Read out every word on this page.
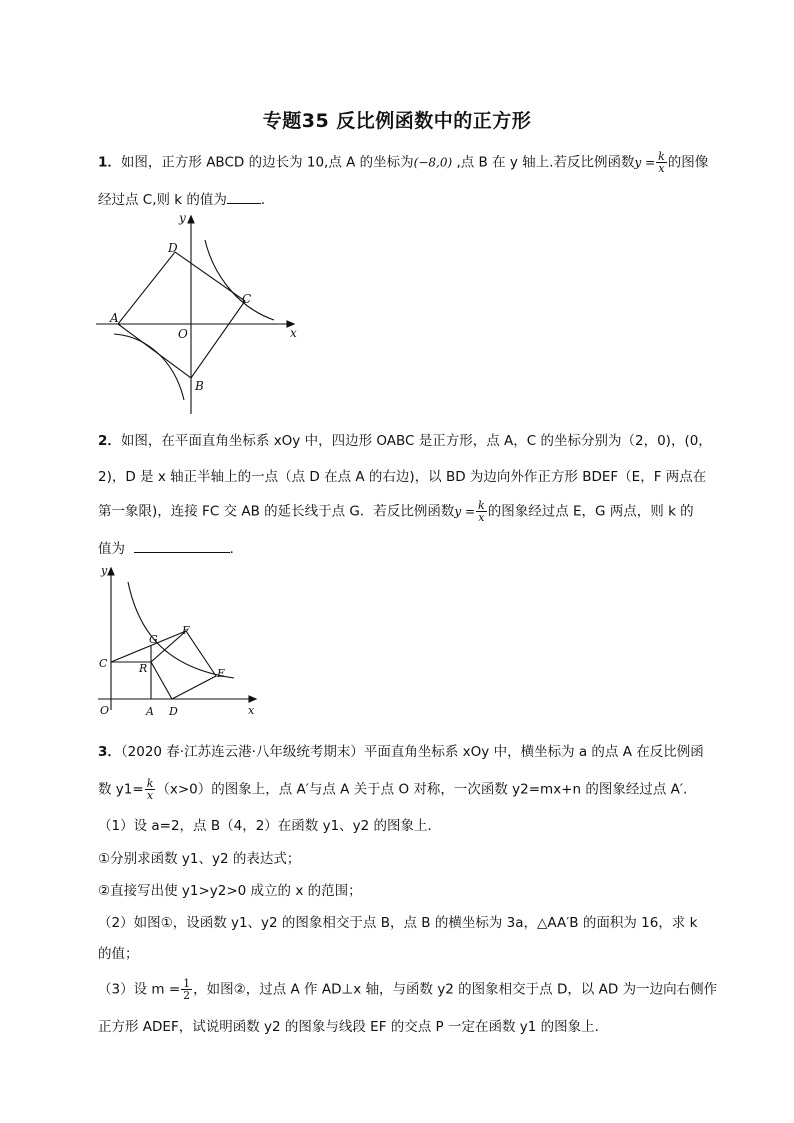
专题35 反比例函数中的正方形
1．如图，正方形 ABCD 的边长为 10,点 A 的坐标为(−8,0) ,点 B 在 y 轴上.若反比例函数$y = \frac{k}{x}$ 的图像
经过点 C,则 k 的值为	.
D
C
A
O
B
x
y
2．如图，在平面直角坐标系 xOy 中，四边形 OABC 是正方形，点 A，C 的坐标分别为（2，0)，(0，
2)，D 是 x 轴正半轴上的一点（点 D 在点 A 的右边)，以 BD 为边向外作正方形 BDEF（E，F 两点在
第一象限)，连接 FC 交 AB 的延长线于点 G．若反比例函数$y = \frac{k}{x}$ 的图象经过点 E，G 两点，则 k 的
值为	．
y
C
G
F
R	E
O	A D	x
3．（2020 春·江苏连云港·八年级统考期末）平面直角坐标系 xOy 中，横坐标为 a 的点 A 在反比例函
数 $y1= \frac{k}{x} (x>0)$的图象上，点 A′与点 A 关于点 O 对称，一次函数 y2=mx+n 的图象经过点 A′.
（1）设 a=2，点 B（4，2）在函数 y1、y2 的图象上．
①分别求函数 y1、y2 的表达式；
②直接写出使 y1>y2>0 成立的 x 的范围；
（2）如图①，设函数 y1、y2 的图象相交于点 B，点 B 的横坐标为 3a，△AA′B 的面积为 16，求 k
的值；
（3）设 $m = \frac{1}{2}$ ，如图②，过点 A 作 AD⊥x 轴，与函数 y2 的图象相交于点 D，以 AD 为一边向右侧作
正方形 ADEF，试说明函数 y2 的图象与线段 EF 的交点 P 一定在函数 y1 的图象上．
